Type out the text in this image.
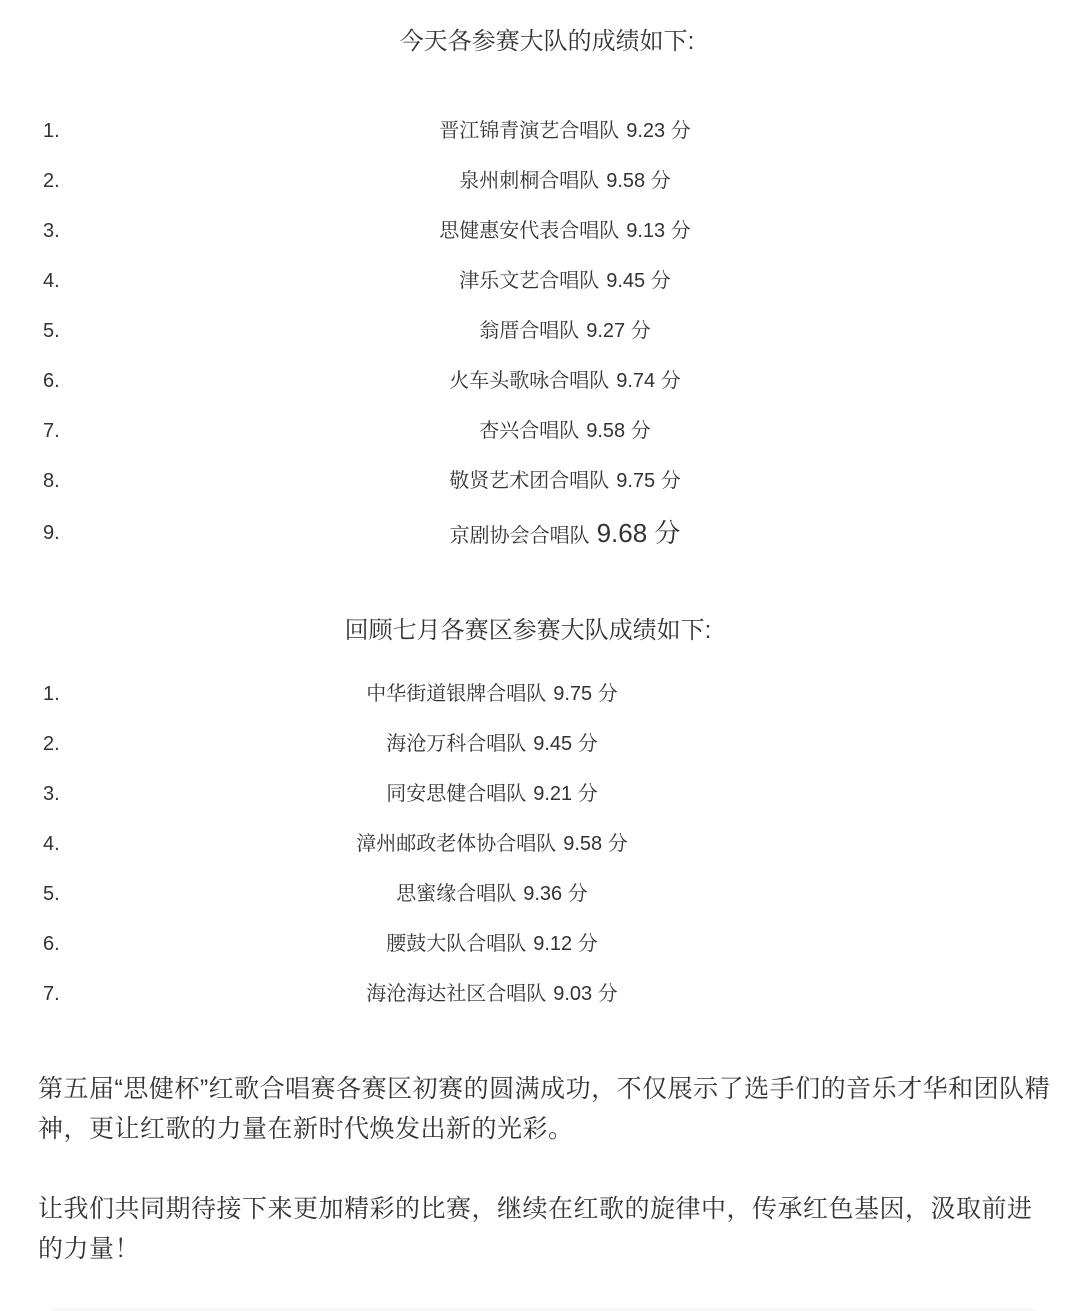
今天各参赛大队的成绩如下:
1.	晋江锦青演艺合唱队 9.23 分
2.	泉州刺桐合唱队 9.58 分
3.	思健惠安代表合唱队 9.13 分
4.	津乐文艺合唱队 9.45 分
5.	翁厝合唱队 9.27 分
6.	火车头歌咏合唱队 9.74 分
7.	杏兴合唱队 9.58 分
8.	敬贤艺术团合唱队 9.75 分
9.	京剧协会合唱队 9.68 分
回顾七月各赛区参赛大队成绩如下:
1.	中华街道银牌合唱队 9.75 分
2.	海沧万科合唱队 9.45 分
3.	同安思健合唱队 9.21 分
4.	漳州邮政老体协合唱队 9.58 分
5.	思蜜缘合唱队 9.36 分
6.	腰鼓大队合唱队 9.12 分
7.	海沧海达社区合唱队 9.03 分

第五届“思健杯”红歌合唱赛各赛区初赛的圆满成功，不仅展示了选手们的音乐才华和团队精神，更让红歌的力量在新时代焕发出新的光彩。

让我们共同期待接下来更加精彩的比赛，继续在红歌的旋律中，传承红色基因，汲取前进的力量！
